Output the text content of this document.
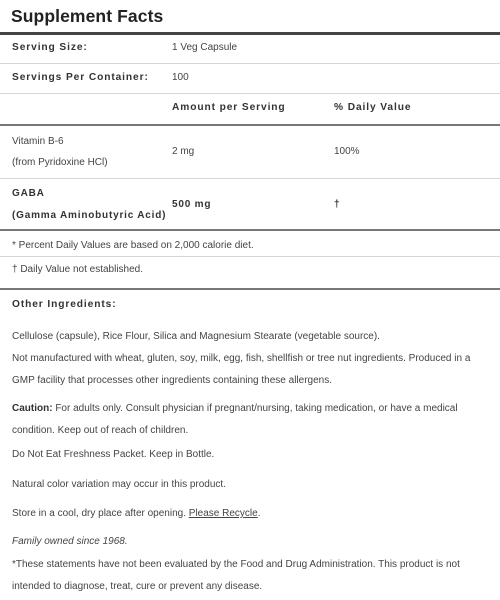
Supplement Facts
Serving Size:	1 Veg Capsule
Servings Per Container: 100
Amount per Serving	% Daily Value
Vitamin B-6
(from Pyridoxine HCl)
2 mg	100%
GABA
(Gamma Aminobutyric Acid)
500 mg	†
* Percent Daily Values are based on 2,000 calorie diet.
† Daily Value not established.
Other Ingredients:
Cellulose (capsule), Rice Flour, Silica and Magnesium Stearate (vegetable source).
Not manufactured with wheat, gluten, soy, milk, egg, fish, shellfish or tree nut ingredients. Produced in a GMP facility that processes other ingredients containing these allergens.
Caution: For adults only. Consult physician if pregnant/nursing, taking medication, or have a medical condition. Keep out of reach of children.
Do Not Eat Freshness Packet. Keep in Bottle.
Natural color variation may occur in this product.
Store in a cool, dry place after opening. Please Recycle.
Family owned since 1968.
*These statements have not been evaluated by the Food and Drug Administration. This product is not intended to diagnose, treat, cure or prevent any disease.
